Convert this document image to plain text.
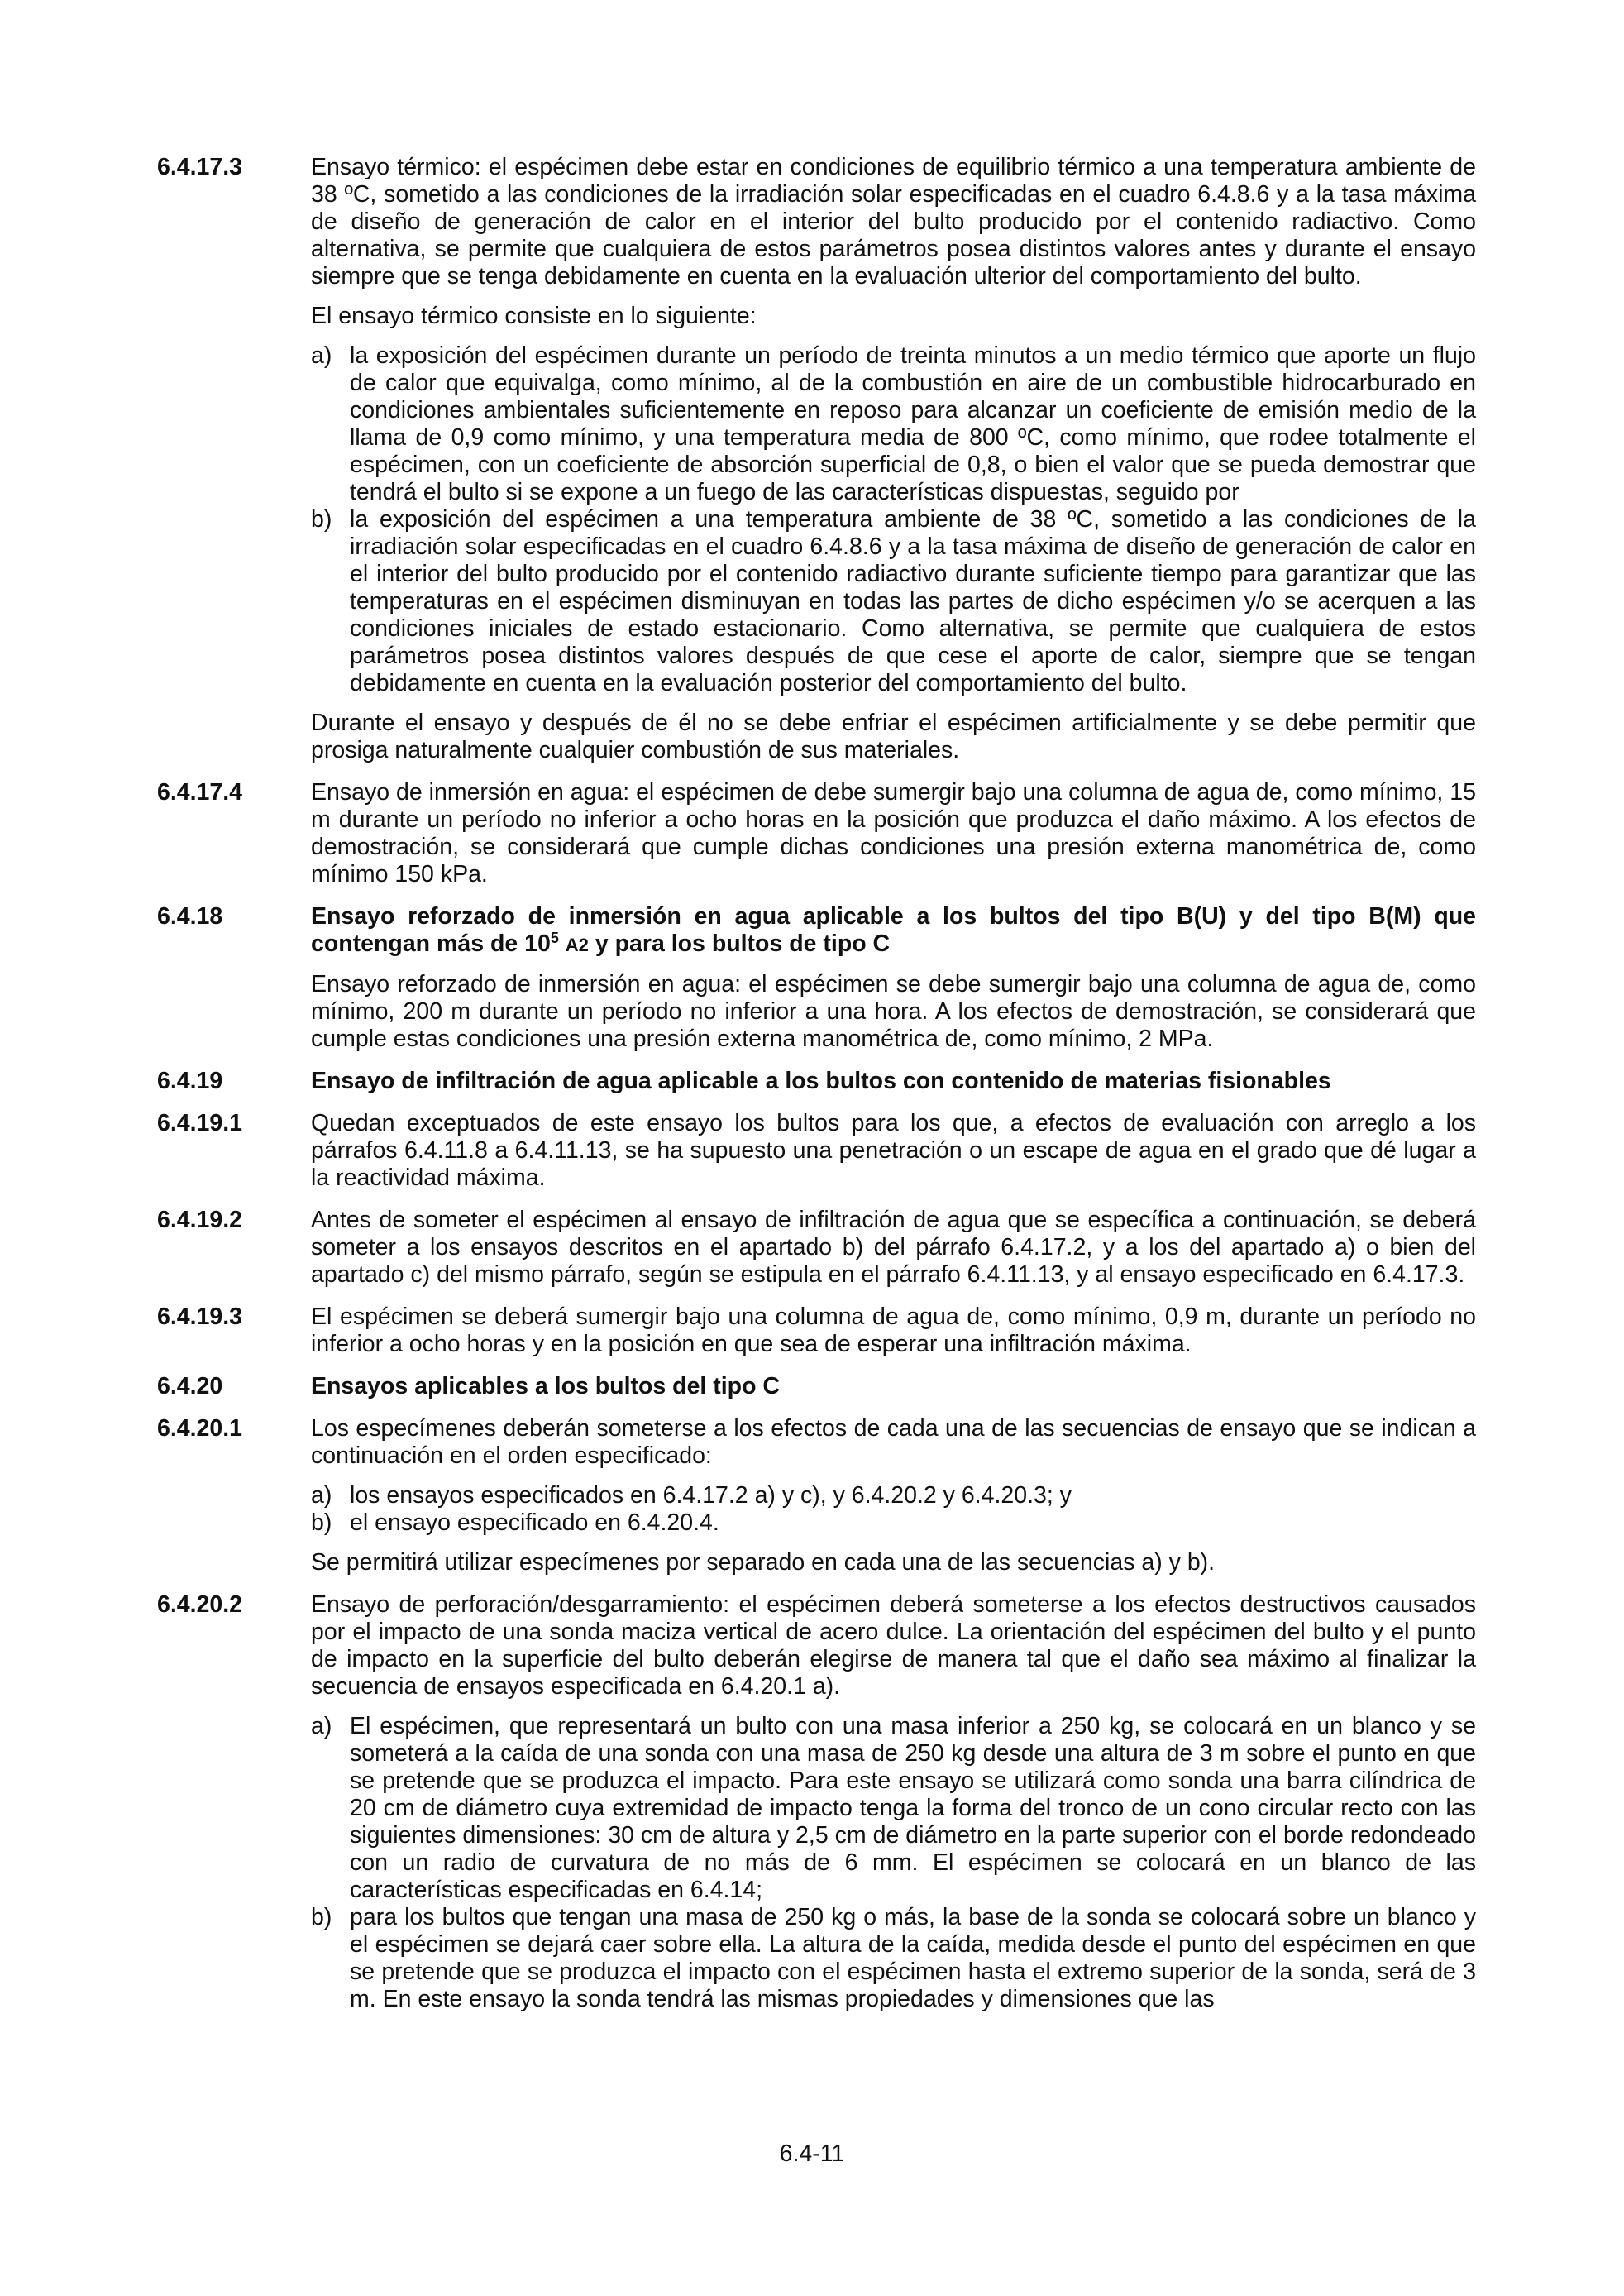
6.4.17.3	Ensayo térmico: el espécimen debe estar en condiciones de equilibrio térmico a una temperatura ambiente de 38 ºC, sometido a las condiciones de la irradiación solar especificadas en el cuadro 6.4.8.6 y a la tasa máxima de diseño de generación de calor en el interior del bulto producido por el contenido radiactivo. Como alternativa, se permite que cualquiera de estos parámetros posea distintos valores antes y durante el ensayo siempre que se tenga debidamente en cuenta en la evaluación ulterior del comportamiento del bulto.

El ensayo térmico consiste en lo siguiente:

a) la exposición del espécimen durante un período de treinta minutos a un medio térmico que aporte un flujo de calor que equivalga, como mínimo, al de la combustión en aire de un combustible hidrocarburado en condiciones ambientales suficientemente en reposo para alcanzar un coeficiente de emisión medio de la llama de 0,9 como mínimo, y una temperatura media de 800 ºC, como mínimo, que rodee totalmente el espécimen, con un coeficiente de absorción superficial de 0,8, o bien el valor que se pueda demostrar que tendrá el bulto si se expone a un fuego de las características dispuestas, seguido por
b) la exposición del espécimen a una temperatura ambiente de 38 ºC, sometido a las condiciones de la irradiación solar especificadas en el cuadro 6.4.8.6 y a la tasa máxima de diseño de generación de calor en el interior del bulto producido por el contenido radiactivo durante suficiente tiempo para garantizar que las temperaturas en el espécimen disminuyan en todas las partes de dicho espécimen y/o se acerquen a las condiciones iniciales de estado estacionario. Como alternativa, se permite que cualquiera de estos parámetros posea distintos valores después de que cese el aporte de calor, siempre que se tengan debidamente en cuenta en la evaluación posterior del comportamiento del bulto.

Durante el ensayo y después de él no se debe enfriar el espécimen artificialmente y se debe permitir que prosiga naturalmente cualquier combustión de sus materiales.

6.4.17.4	Ensayo de inmersión en agua: el espécimen de debe sumergir bajo una columna de agua de, como mínimo, 15 m durante un período no inferior a ocho horas en la posición que produzca el daño máximo. A los efectos de demostración, se considerará que cumple dichas condiciones una presión externa manométrica de, como mínimo 150 kPa.

6.4.18	Ensayo reforzado de inmersión en agua aplicable a los bultos del tipo B(U) y del tipo B(M) que contengan más de $10^5$ A2 y para los bultos de tipo C

Ensayo reforzado de inmersión en agua: el espécimen se debe sumergir bajo una columna de agua de, como mínimo, 200 m durante un período no inferior a una hora. A los efectos de demostración, se considerará que cumple estas condiciones una presión externa manométrica de, como mínimo, 2 MPa.

6.4.19	Ensayo de infiltración de agua aplicable a los bultos con contenido de materias fisionables

6.4.19.1	Quedan exceptuados de este ensayo los bultos para los que, a efectos de evaluación con arreglo a los párrafos 6.4.11.8 a 6.4.11.13, se ha supuesto una penetración o un escape de agua en el grado que dé lugar a la reactividad máxima.

6.4.19.2	Antes de someter el espécimen al ensayo de infiltración de agua que se específica a continuación, se deberá someter a los ensayos descritos en el apartado b) del párrafo 6.4.17.2, y a los del apartado a) o bien del apartado c) del mismo párrafo, según se estipula en el párrafo 6.4.11.13, y al ensayo especificado en 6.4.17.3.

6.4.19.3	El espécimen se deberá sumergir bajo una columna de agua de, como mínimo, 0,9 m, durante un período no inferior a ocho horas y en la posición en que sea de esperar una infiltración máxima.

6.4.20	Ensayos aplicables a los bultos del tipo C

6.4.20.1	Los especímenes deberán someterse a los efectos de cada una de las secuencias de ensayo que se indican a continuación en el orden especificado:

a) los ensayos especificados en 6.4.17.2 a) y c), y 6.4.20.2 y 6.4.20.3; y
b) el ensayo especificado en 6.4.20.4.

Se permitirá utilizar especímenes por separado en cada una de las secuencias a) y b).

6.4.20.2	Ensayo de perforación/desgarramiento: el espécimen deberá someterse a los efectos destructivos causados por el impacto de una sonda maciza vertical de acero dulce. La orientación del espécimen del bulto y el punto de impacto en la superficie del bulto deberán elegirse de manera tal que el daño sea máximo al finalizar la secuencia de ensayos especificada en 6.4.20.1 a).

a) El espécimen, que representará un bulto con una masa inferior a 250 kg, se colocará en un blanco y se someterá a la caída de una sonda con una masa de 250 kg desde una altura de 3 m sobre el punto en que se pretende que se produzca el impacto. Para este ensayo se utilizará como sonda una barra cilíndrica de 20 cm de diámetro cuya extremidad de impacto tenga la forma del tronco de un cono circular recto con las siguientes dimensiones: 30 cm de altura y 2,5 cm de diámetro en la parte superior con el borde redondeado con un radio de curvatura de no más de 6 mm. El espécimen se colocará en un blanco de las características especificadas en 6.4.14;
b) para los bultos que tengan una masa de 250 kg o más, la base de la sonda se colocará sobre un blanco y el espécimen se dejará caer sobre ella. La altura de la caída, medida desde el punto del espécimen en que se pretende que se produzca el impacto con el espécimen hasta el extremo superior de la sonda, será de 3 m. En este ensayo la sonda tendrá las mismas propiedades y dimensiones que las
6.4-11
